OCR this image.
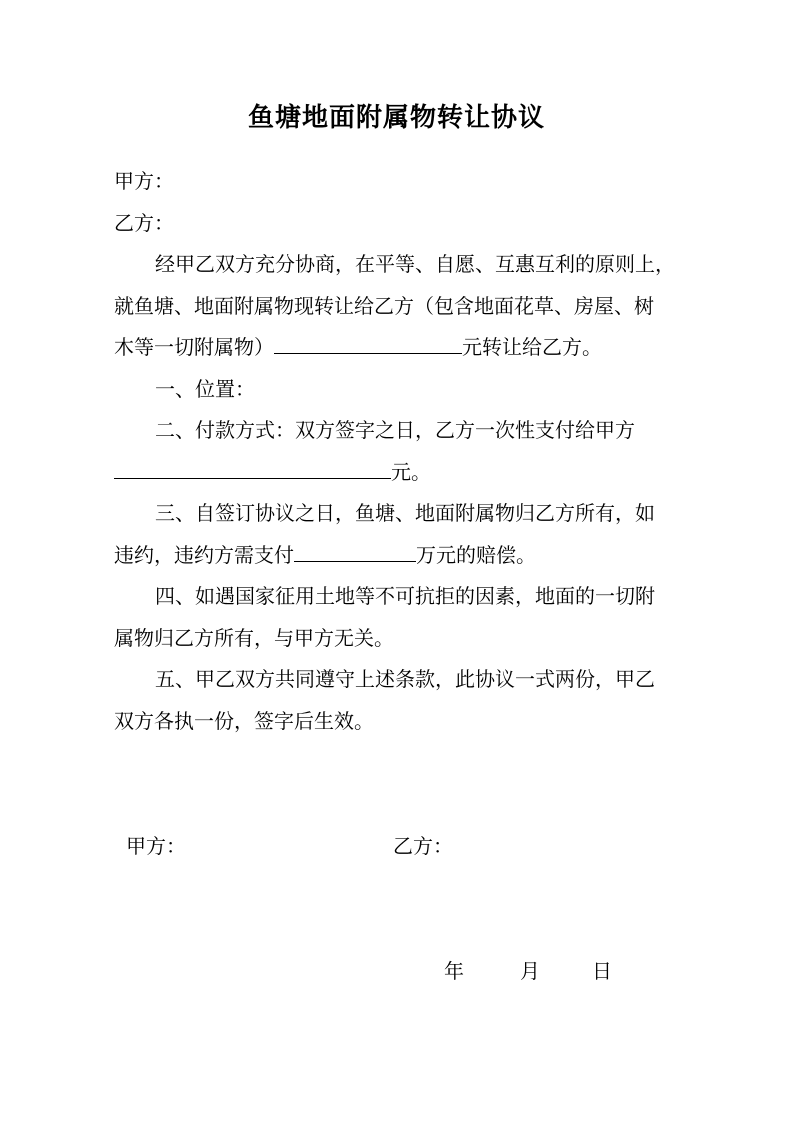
鱼塘地面附属物转让协议
甲方：
乙方：
经甲乙双方充分协商，在平等、自愿、互惠互利的原则上，
就鱼塘、地面附属物现转让给乙方（包含地面花草、房屋、树
木等一切附属物）	元转让给乙方。
一、位置：
二、付款方式：双方签字之日，乙方一次性支付给甲方
元。
三、自签订协议之日，鱼塘、地面附属物归乙方所有，如
违约，违约方需支付	万元的赔偿。
四、如遇国家征用土地等不可抗拒的因素，地面的一切附
属物归乙方所有，与甲方无关。
五、甲乙双方共同遵守上述条款，此协议一式两份，甲乙
双方各执一份，签字后生效。
甲方：	乙方：
年	月	日
